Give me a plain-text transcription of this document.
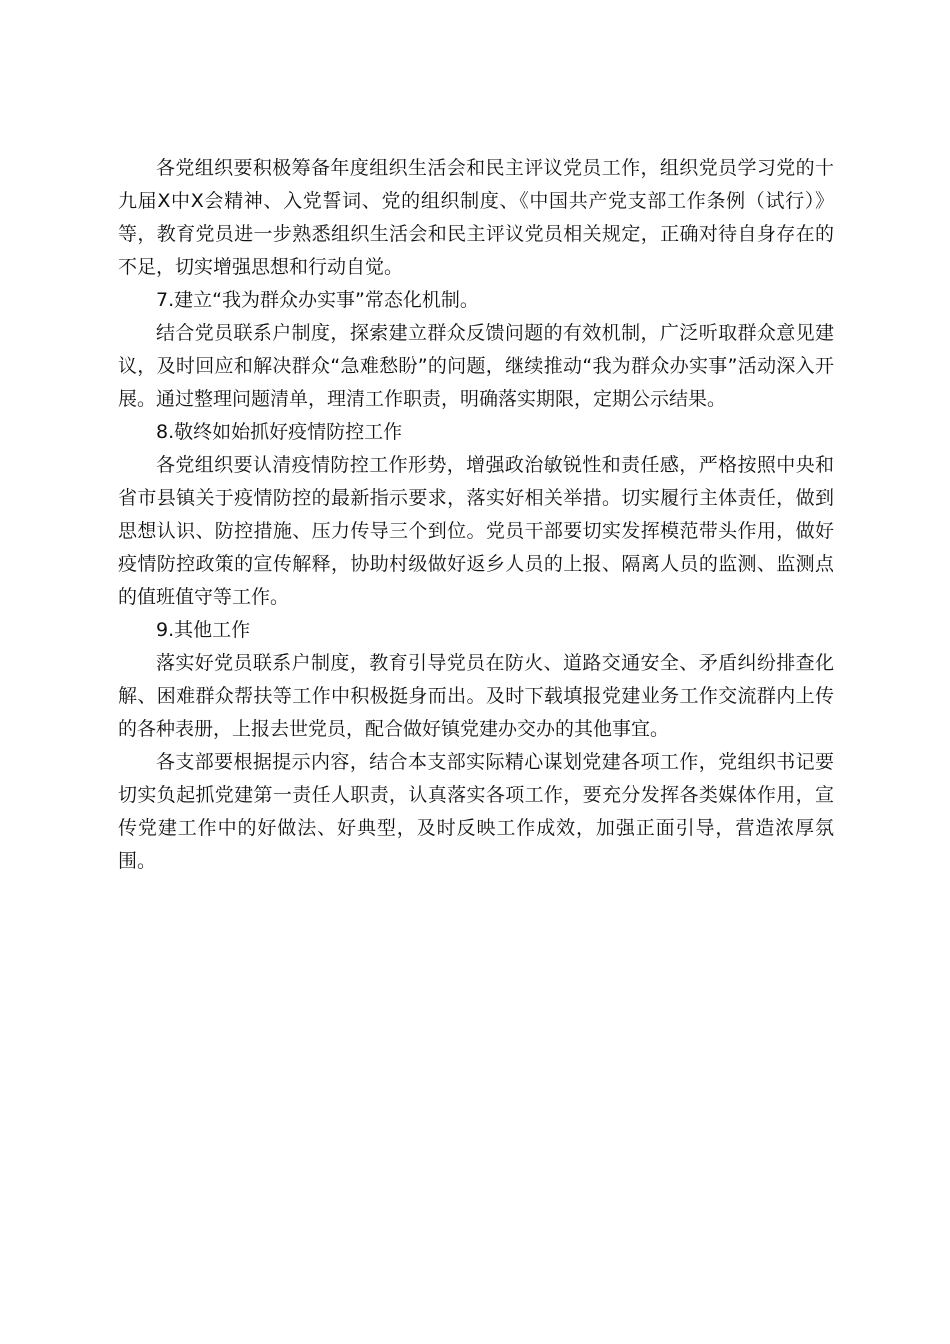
各党组织要积极筹备年度组织生活会和民主评议党员工作，组织党员学习党的十九届Ⅹ中Ⅹ会精神、入党誓词、党的组织制度、《中国共产党支部工作条例（试行）》等，教育党员进一步熟悉组织生活会和民主评议党员相关规定，正确对待自身存在的不足，切实增强思想和行动自觉。

7.建立“我为群众办实事”常态化机制。

结合党员联系户制度，探索建立群众反馈问题的有效机制，广泛听取群众意见建议，及时回应和解决群众“急难愁盼”的问题，继续推动“我为群众办实事”活动深入开展。通过整理问题清单，理清工作职责，明确落实期限，定期公示结果。

8.敬终如始抓好疫情防控工作

各党组织要认清疫情防控工作形势，增强政治敏锐性和责任感，严格按照中央和省市县镇关于疫情防控的最新指示要求，落实好相关举措。切实履行主体责任，做到思想认识、防控措施、压力传导三个到位。党员干部要切实发挥模范带头作用，做好疫情防控政策的宣传解释，协助村级做好返乡人员的上报、隔离人员的监测、监测点的值班值守等工作。

9.其他工作

落实好党员联系户制度，教育引导党员在防火、道路交通安全、矛盾纠纷排查化解、困难群众帮扶等工作中积极挺身而出。及时下载填报党建业务工作交流群内上传的各种表册，上报去世党员，配合做好镇党建办交办的其他事宜。

各支部要根据提示内容，结合本支部实际精心谋划党建各项工作，党组织书记要切实负起抓党建第一责任人职责，认真落实各项工作，要充分发挥各类媒体作用，宣传党建工作中的好做法、好典型，及时反映工作成效，加强正面引导，营造浓厚氛围。
